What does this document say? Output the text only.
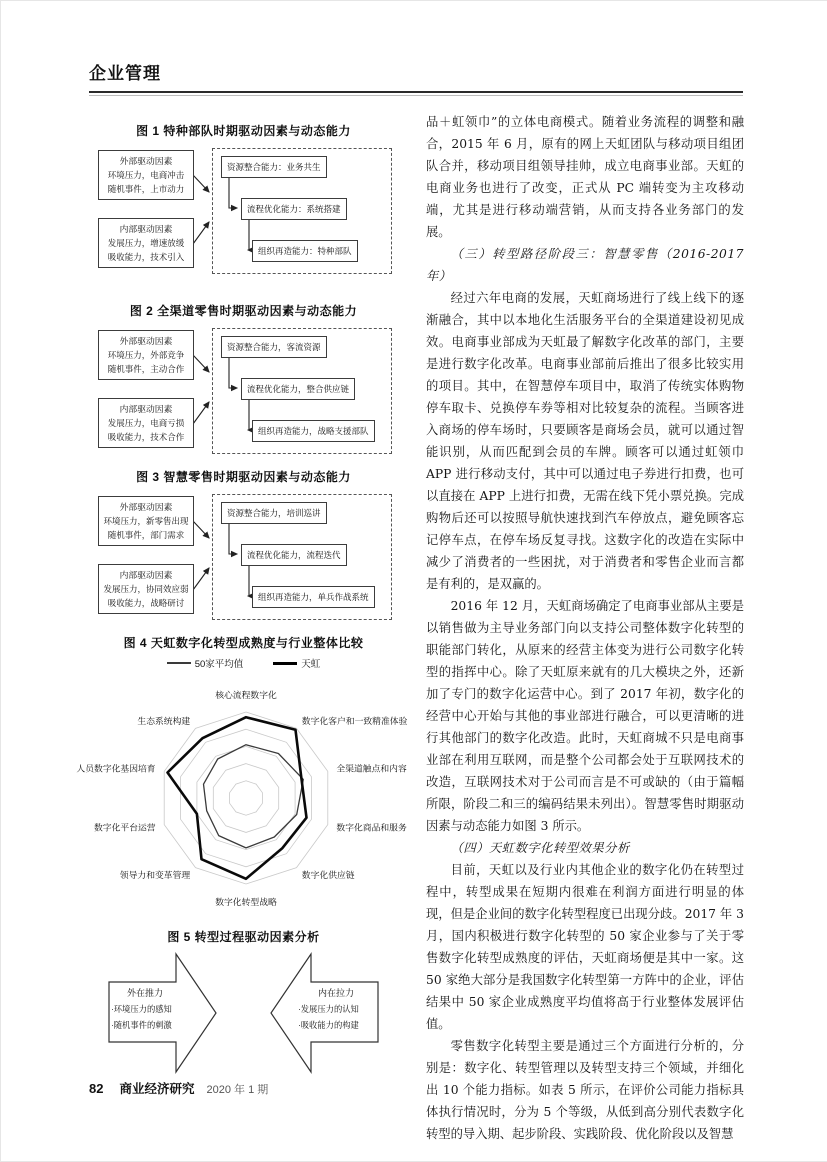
企业管理
图 1 特种部队时期驱动因素与动态能力
外部驱动因素
环境压力，电商冲击
随机事件，上市动力
内部驱动因素
发展压力，增速放缓
吸收能力，技术引入
资源整合能力：业务共生
流程优化能力：系统搭建
组织再造能力：特种部队
图 2 全渠道零售时期驱动因素与动态能力
外部驱动因素
环境压力，外部竞争
随机事件，主动合作
内部驱动因素
发展压力，电商亏损
吸收能力，技术合作
资源整合能力，客流资源
流程优化能力，整合供应链
组织再造能力，战略支援部队
图 3 智慧零售时期驱动因素与动态能力
外部驱动因素
环境压力，新零售出现
随机事件，部门需求
内部驱动因素
发展压力，协同效应弱
吸收能力，战略研讨
资源整合能力，培训巡讲
流程优化能力，流程迭代
组织再造能力，单兵作战系统
图 4 天虹数字化转型成熟度与行业整体比较
50家平均值	天虹
核心流程数字化
数字化客户和一致精准体验
全渠道触点和内容
数字化商品和服务
数字化供应链
数字化转型战略
领导力和变革管理
数字化平台运营
人员数字化基因培育
生态系统构建
图 5 转型过程驱动因素分析
外在推力
·环境压力的感知
·随机事件的刺激
内在拉力
·发展压力的认知
·吸收能力的构建

品＋虹领巾”的立体电商模式。随着业务流程的调整和融合，2015 年 6 月，原有的网上天虹团队与移动项目组团队合并，移动项目组领导挂帅，成立电商事业部。天虹的电商业务也进行了改变，正式从 PC 端转变为主攻移动端，尤其是进行移动端营销，从而支持各业务部门的发展。

（三）转型路径阶段三：智慧零售（2016-2017 年）

经过六年电商的发展，天虹商场进行了线上线下的逐渐融合，其中以本地化生活服务平台的全渠道建设初见成效。电商事业部成为天虹最了解数字化改革的部门，主要是进行数字化改革。电商事业部前后推出了很多比较实用的项目。其中，在智慧停车项目中，取消了传统实体购物停车取卡、兑换停车券等相对比较复杂的流程。当顾客进入商场的停车场时，只要顾客是商场会员，就可以通过智能识别，从而匹配到会员的车牌。顾客可以通过虹领巾 APP 进行移动支付，其中可以通过电子券进行扣费，也可以直接在 APP 上进行扣费，无需在线下凭小票兑换。完成购物后还可以按照导航快速找到汽车停放点，避免顾客忘记停车点，在停车场反复寻找。这数字化的改造在实际中减少了消费者的一些困扰，对于消费者和零售企业而言都是有利的，是双赢的。

2016 年 12 月，天虹商场确定了电商事业部从主要是以销售做为主导业务部门向以支持公司整体数字化转型的职能部门转化，从原来的经营主体变为进行公司数字化转型的指挥中心。除了天虹原来就有的几大模块之外，还新加了专门的数字化运营中心。到了 2017 年初，数字化的经营中心开始与其他的事业部进行融合，可以更清晰的进行其他部门的数字化改造。此时，天虹商城不只是电商事业部在利用互联网，而是整个公司都会处于互联网技术的改造，互联网技术对于公司而言是不可或缺的（由于篇幅所限，阶段二和三的编码结果未列出）。智慧零售时期驱动因素与动态能力如图 3 所示。

（四）天虹数字化转型效果分析

目前，天虹以及行业内其他企业的数字化仍在转型过程中，转型成果在短期内很难在利润方面进行明显的体现，但是企业间的数字化转型程度已出现分歧。2017 年 3 月，国内积极进行数字化转型的 50 家企业参与了关于零售数字化转型成熟度的评估，天虹商场便是其中一家。这 50 家绝大部分是我国数字化转型第一方阵中的企业，评估结果中 50 家企业成熟度平均值将高于行业整体发展评估值。

零售数字化转型主要是通过三个方面进行分析的，分别是：数字化、转型管理以及转型支持三个领域，并细化出 10 个能力指标。如表 5 所示，在评价公司能力指标具体执行情况时，分为 5 个等级，从低到高分别代表数字化转型的导入期、起步阶段、实践阶段、优化阶段以及智慧

82 商业经济研究 2020 年 1 期
